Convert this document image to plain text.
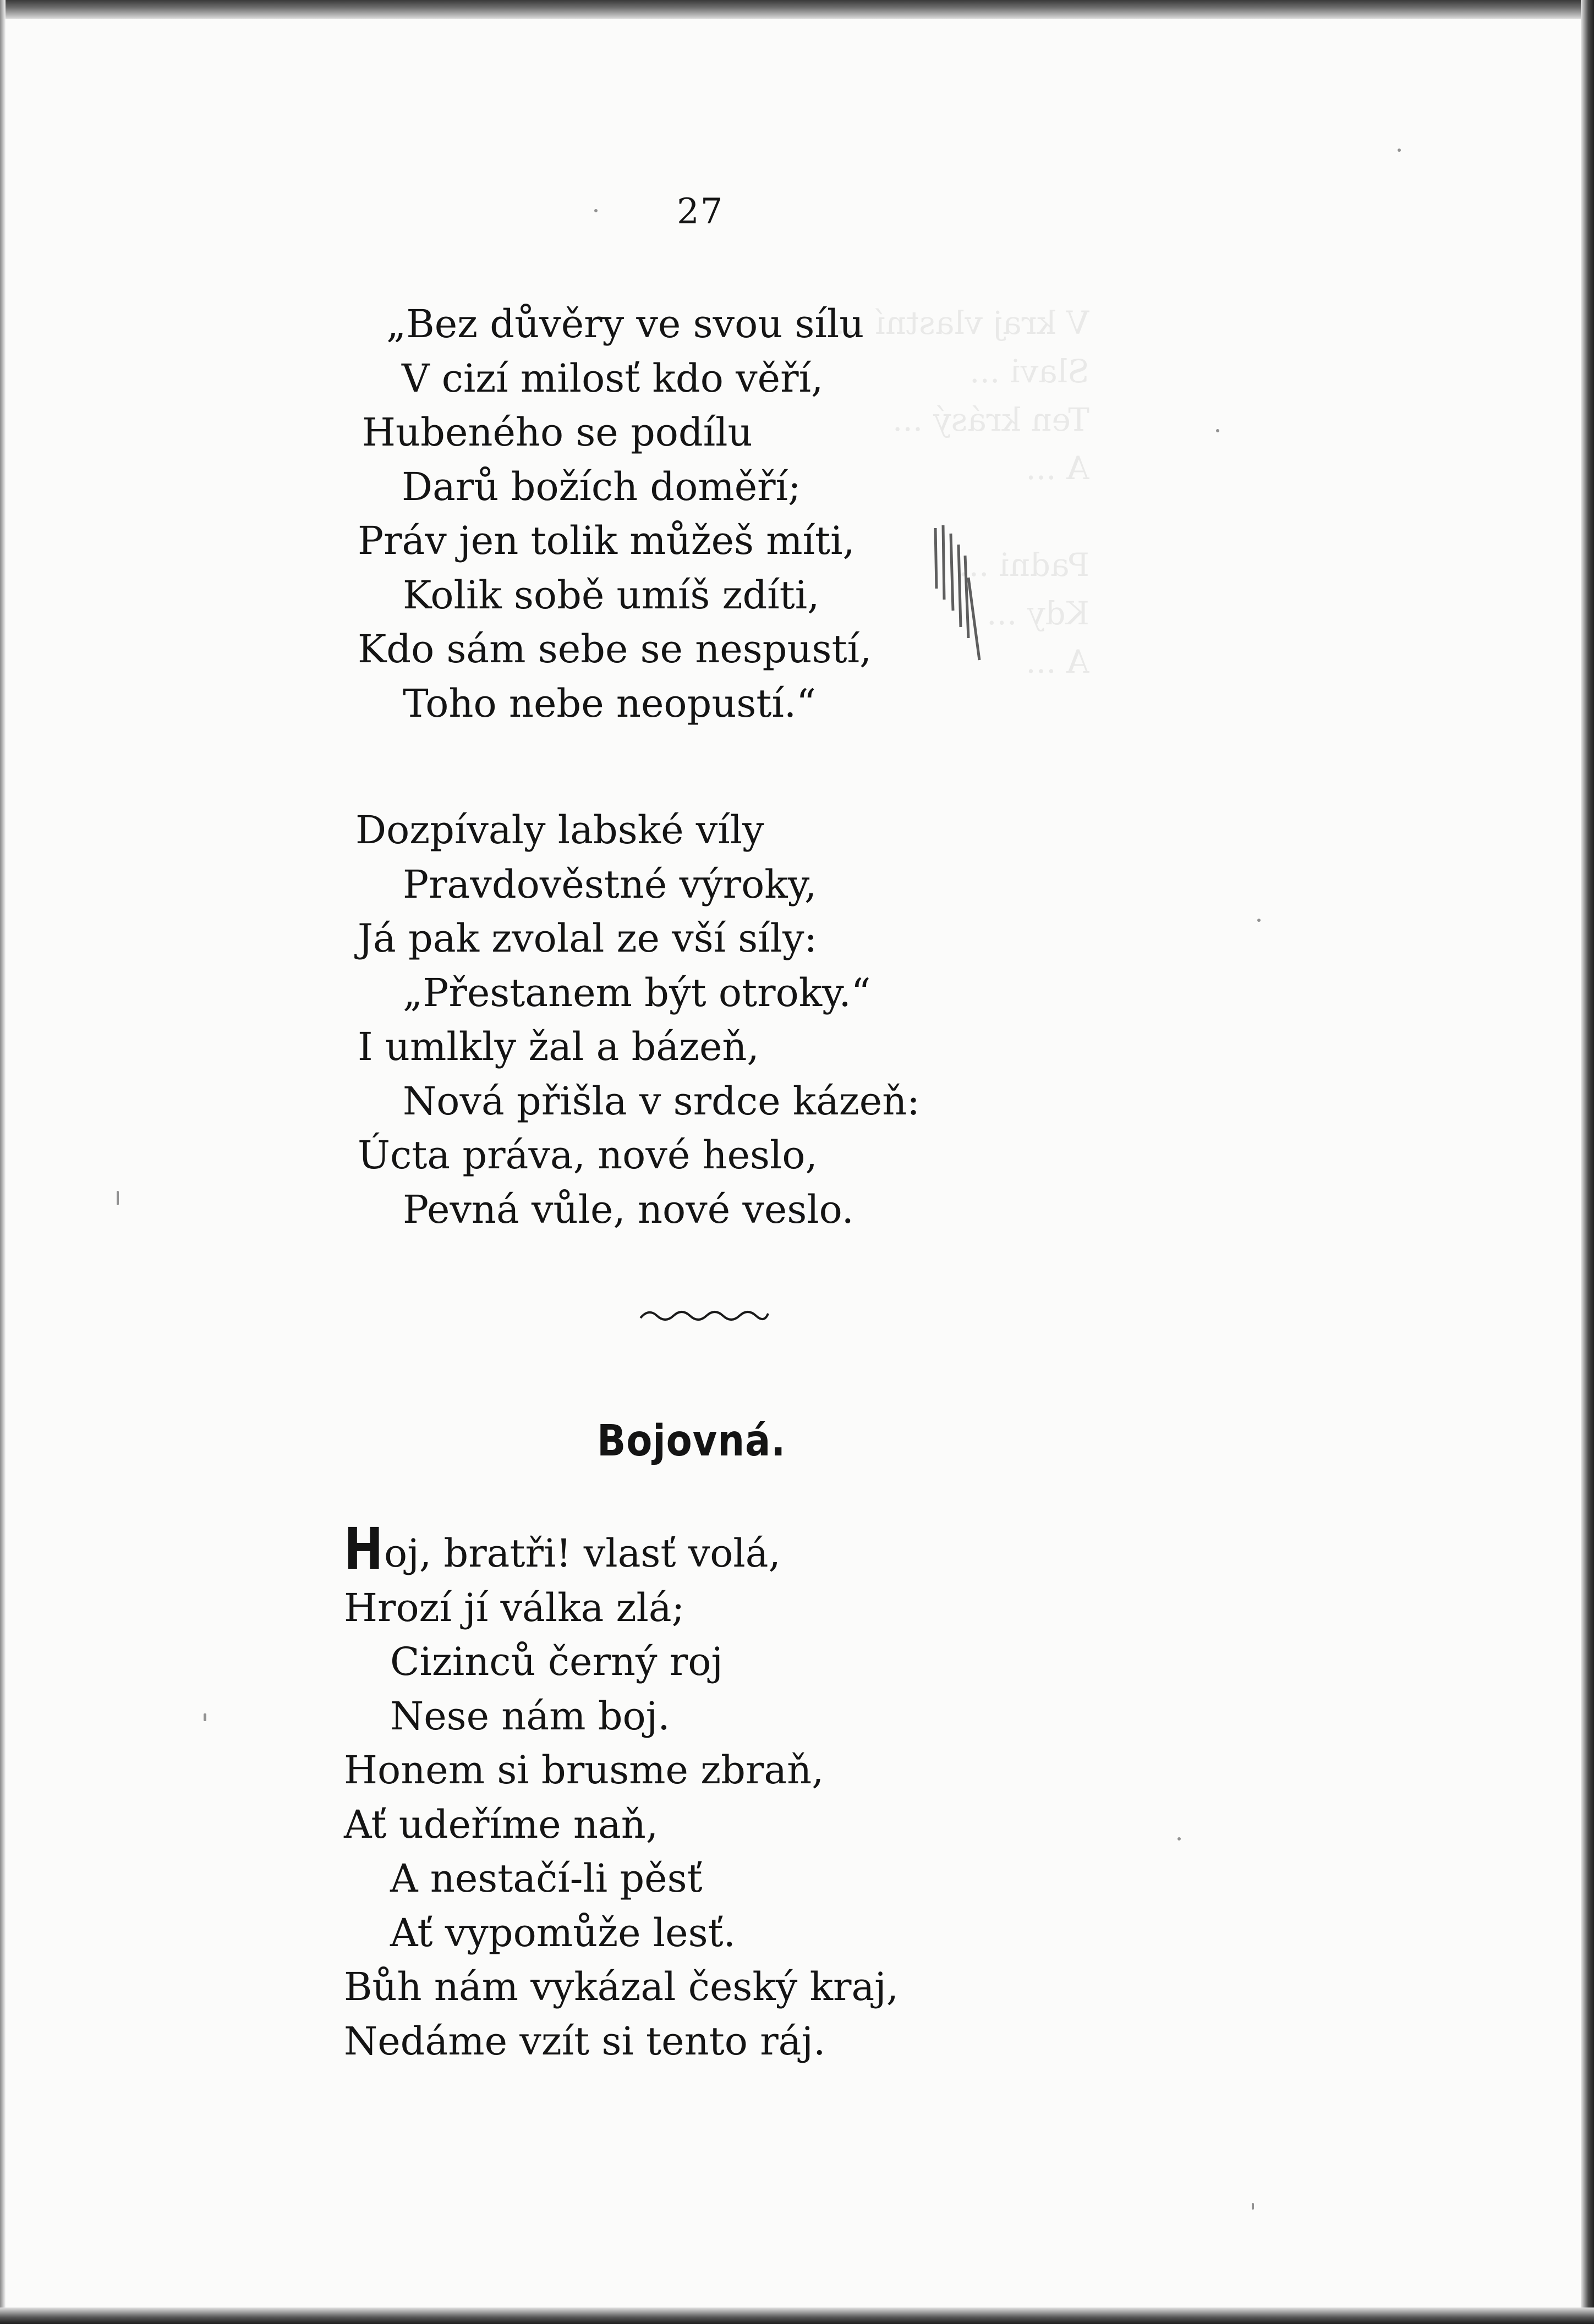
V kraj vlastní ...
Slavi ...
Ten krásý ...
A ...

Padni ...
Kdy ...
A ...

27
„Bez důvěry ve svou sílu
V cizí milosť kdo věří,
Hubeného se podílu
Darů božích doměří;
Práv jen tolik můžeš míti,
Kolik sobě umíš zdíti,
Kdo sám sebe se nespustí,
Toho nebe neopustí.“
Dozpívaly labské víly
Pravdověstné výroky,
Já pak zvolal ze vší síly:
„Přestanem být otroky.“
I umlkly žal a bázeň,
Nová přišla v srdce kázeň:
Úcta práva, nové heslo,
Pevná vůle, nové veslo.
Bojovná.
Hoj, bratři! vlasť volá,
Hrozí jí válka zlá;
Cizinců černý roj
Nese nám boj.
Honem si brusme zbraň,
Ať udeříme naň,
A nestačí-li pěsť
Ať vypomůže lesť.
Bůh nám vykázal český kraj,
Nedáme vzít si tento ráj.
